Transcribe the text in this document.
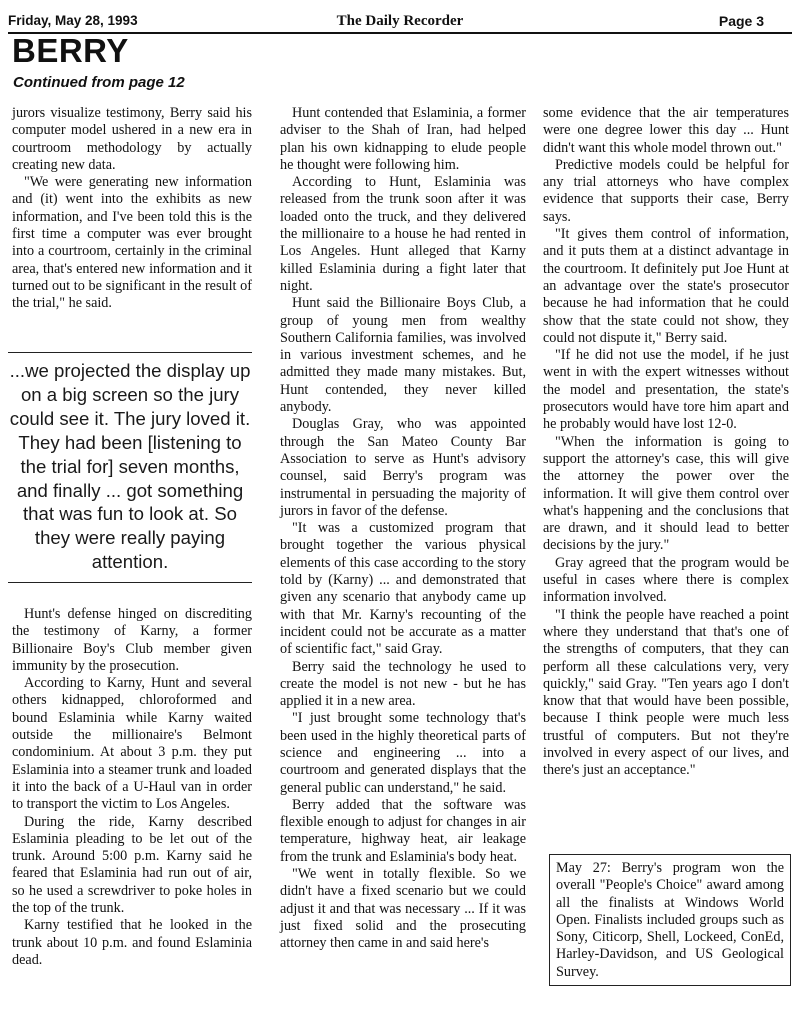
Friday, May 28, 1993	The Daily Recorder	Page 3
BERRY
Continued from page 12

jurors visualize testimony, Berry said his computer model ushered in a new era in courtroom methodology by actually creating new data.

"We were generating new information and (it) went into the exhibits as new information, and I've been told this is the first time a computer was ever brought into a courtroom, certainly in the criminal area, that's entered new information and it turned out to be significant in the result of the trial," he said.

...we projected the display up on a big screen so the jury could see it. The jury loved it. They had been [listening to the trial for] seven months, and finally ... got something that was fun to look at. So they were really paying attention.

Hunt's defense hinged on discrediting the testimony of Karny, a former Billionaire Boy's Club member given immunity by the prosecution.

According to Karny, Hunt and several others kidnapped, chloroformed and bound Eslaminia while Karny waited outside the millionaire's Belmont condominium. At about 3 p.m. they put Eslaminia into a steamer trunk and loaded it into the back of a U-Haul van in order to transport the victim to Los Angeles.

During the ride, Karny described Eslaminia pleading to be let out of the trunk. Around 5:00 p.m. Karny said he feared that Eslaminia had run out of air, so he used a screwdriver to poke holes in the top of the trunk.

Karny testified that he looked in the trunk about 10 p.m. and found Eslaminia dead.

Hunt contended that Eslaminia, a former adviser to the Shah of Iran, had helped plan his own kidnapping to elude people he thought were following him.

According to Hunt, Eslaminia was released from the trunk soon after it was loaded onto the truck, and they delivered the millionaire to a house he had rented in Los Angeles. Hunt alleged that Karny killed Eslaminia during a fight later that night.

Hunt said the Billionaire Boys Club, a group of young men from wealthy Southern California families, was involved in various investment schemes, and he admitted they made many mistakes. But, Hunt contended, they never killed anybody.

Douglas Gray, who was appointed through the San Mateo County Bar Association to serve as Hunt's advisory counsel, said Berry's program was instrumental in persuading the majority of jurors in favor of the defense.

"It was a customized program that brought together the various physical elements of this case according to the story told by (Karny) ... and demonstrated that given any scenario that anybody came up with that Mr. Karny's recounting of the incident could not be accurate as a matter of scientific fact," said Gray.

Berry said the technology he used to create the model is not new - but he has applied it in a new area.

"I just brought some technology that's been used in the highly theoretical parts of science and engineering ... into a courtroom and generated displays that the general public can understand," he said.

Berry added that the software was flexible enough to adjust for changes in air temperature, highway heat, air leakage from the trunk and Eslaminia's body heat.

"We went in totally flexible. So we didn't have a fixed scenario but we could adjust it and that was necessary ... If it was just fixed solid and the prosecuting attorney then came in and said here's

some evidence that the air temperatures were one degree lower this day ... Hunt didn't want this whole model thrown out."

Predictive models could be helpful for any trial attorneys who have complex evidence that supports their case, Berry says.

"It gives them control of information, and it puts them at a distinct advantage in the courtroom. It definitely put Joe Hunt at an advantage over the state's prosecutor because he had information that he could show that the state could not show, they could not dispute it," Berry said.

"If he did not use the model, if he just went in with the expert witnesses without the model and presentation, the state's prosecutors would have tore him apart and he probably would have lost 12-0.

"When the information is going to support the attorney's case, this will give the attorney the power over the information. It will give them control over what's happening and the conclusions that are drawn, and it should lead to better decisions by the jury."

Gray agreed that the program would be useful in cases where there is complex information involved.

"I think the people have reached a point where they understand that that's one of the strengths of computers, that they can perform all these calculations very, very quickly," said Gray. "Ten years ago I don't know that that would have been possible, because I think people were much less trustful of computers. But not they're involved in every aspect of our lives, and there's just an acceptance."

May 27: Berry's program won the overall "People's Choice" award among all the finalists at Windows World Open. Finalists included groups such as Sony, Citicorp, Shell, Lockeed, ConEd, Harley-Davidson, and US Geological Survey.
